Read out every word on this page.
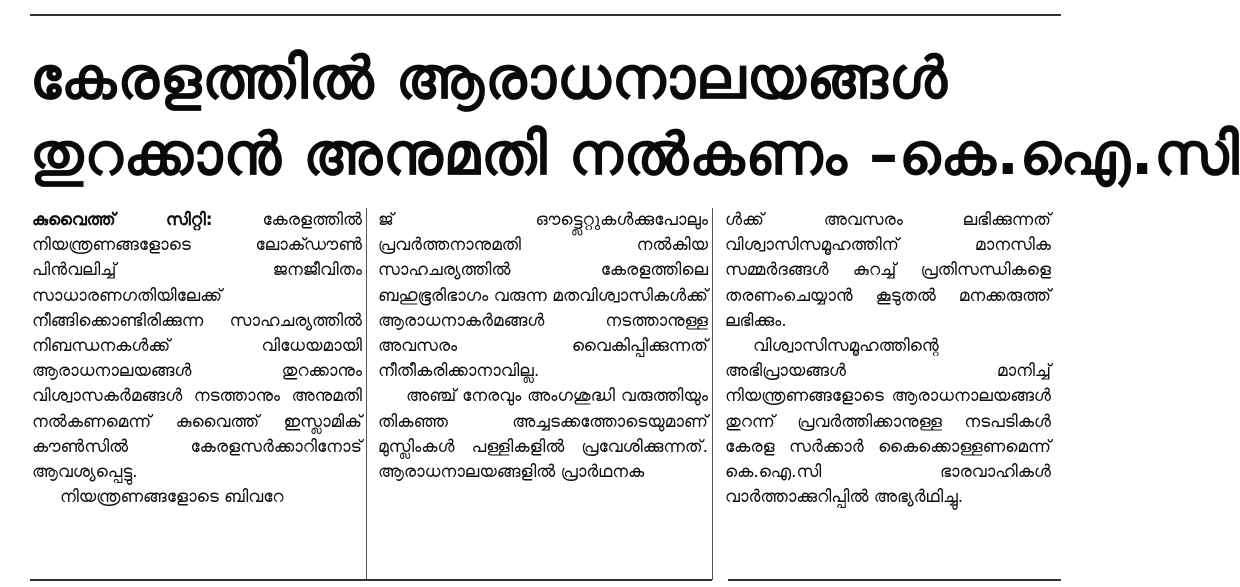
കേരളത്തിൽ ആരാധനാലയങ്ങൾ
തുറക്കാൻ അനുമതി നൽകണം –കെ.ഐ.സി

കുവൈത്ത് സിറ്റി: കേരളത്തിൽ നിയന്ത്രണങ്ങളോടെ ലോക്ഡൗൺ പിൻവലിച്ച് ജനജീവിതം സാധാരണഗതിയിലേക്ക് നീങ്ങിക്കൊണ്ടിരിക്കുന്ന സാഹചര്യത്തിൽ നിബന്ധനകൾക്ക് വിധേയമായി ആരാധനാലയങ്ങൾ തുറക്കാനും വിശ്വാസകർമങ്ങൾ നടത്താനും അനുമതി നൽകണമെന്ന് കുവൈത്ത് ഇസ്ലാമിക് കൗൺസിൽ കേരളസർക്കാറിനോട് ആവശ്യപ്പെട്ടു.

നിയന്ത്രണങ്ങളോടെ ബിവറേ

ജ് ഔട്ട്ലെറ്റുകൾക്കുപോലും പ്രവർത്തനാനുമതി നൽകിയ സാഹചര്യത്തിൽ കേരളത്തിലെ ബഹുഭൂരിഭാഗം വരുന്ന മതവിശ്വാസികൾക്ക് ആരാധനാകർമങ്ങൾ നടത്താനുള്ള അവസരം വൈകിപ്പിക്കുന്നത് നീതീകരിക്കാനാവില്ല.

അഞ്ച് നേരവും അംഗശുദ്ധി വരുത്തിയും തികഞ്ഞ അച്ചടക്കത്തോടെയുമാണ് മുസ്ലിംകൾ പള്ളികളിൽ പ്രവേശിക്കുന്നത്. ആരാധനാലയങ്ങളിൽ പ്രാർഥനക

ൾക്ക് അവസരം ലഭിക്കുന്നത് വിശ്വാസിസമൂഹത്തിന് മാനസിക സമ്മർദങ്ങൾ കുറച്ച് പ്രതിസന്ധികളെ തരണംചെയ്യാൻ കൂടുതൽ മനക്കരുത്ത് ലഭിക്കും.

വിശ്വാസിസമൂഹത്തിന്റെ അഭിപ്രായങ്ങൾ മാനിച്ച് നിയന്ത്രണങ്ങളോടെ ആരാധനാലയങ്ങൾ തുറന്ന് പ്രവർത്തിക്കാനുള്ള നടപടികൾ കേരള സർക്കാർ കൈക്കൊള്ളണമെന്ന് കെ.ഐ.സി ഭാരവാഹികൾ വാർത്താക്കുറിപ്പിൽ അഭ്യർഥിച്ചു.
